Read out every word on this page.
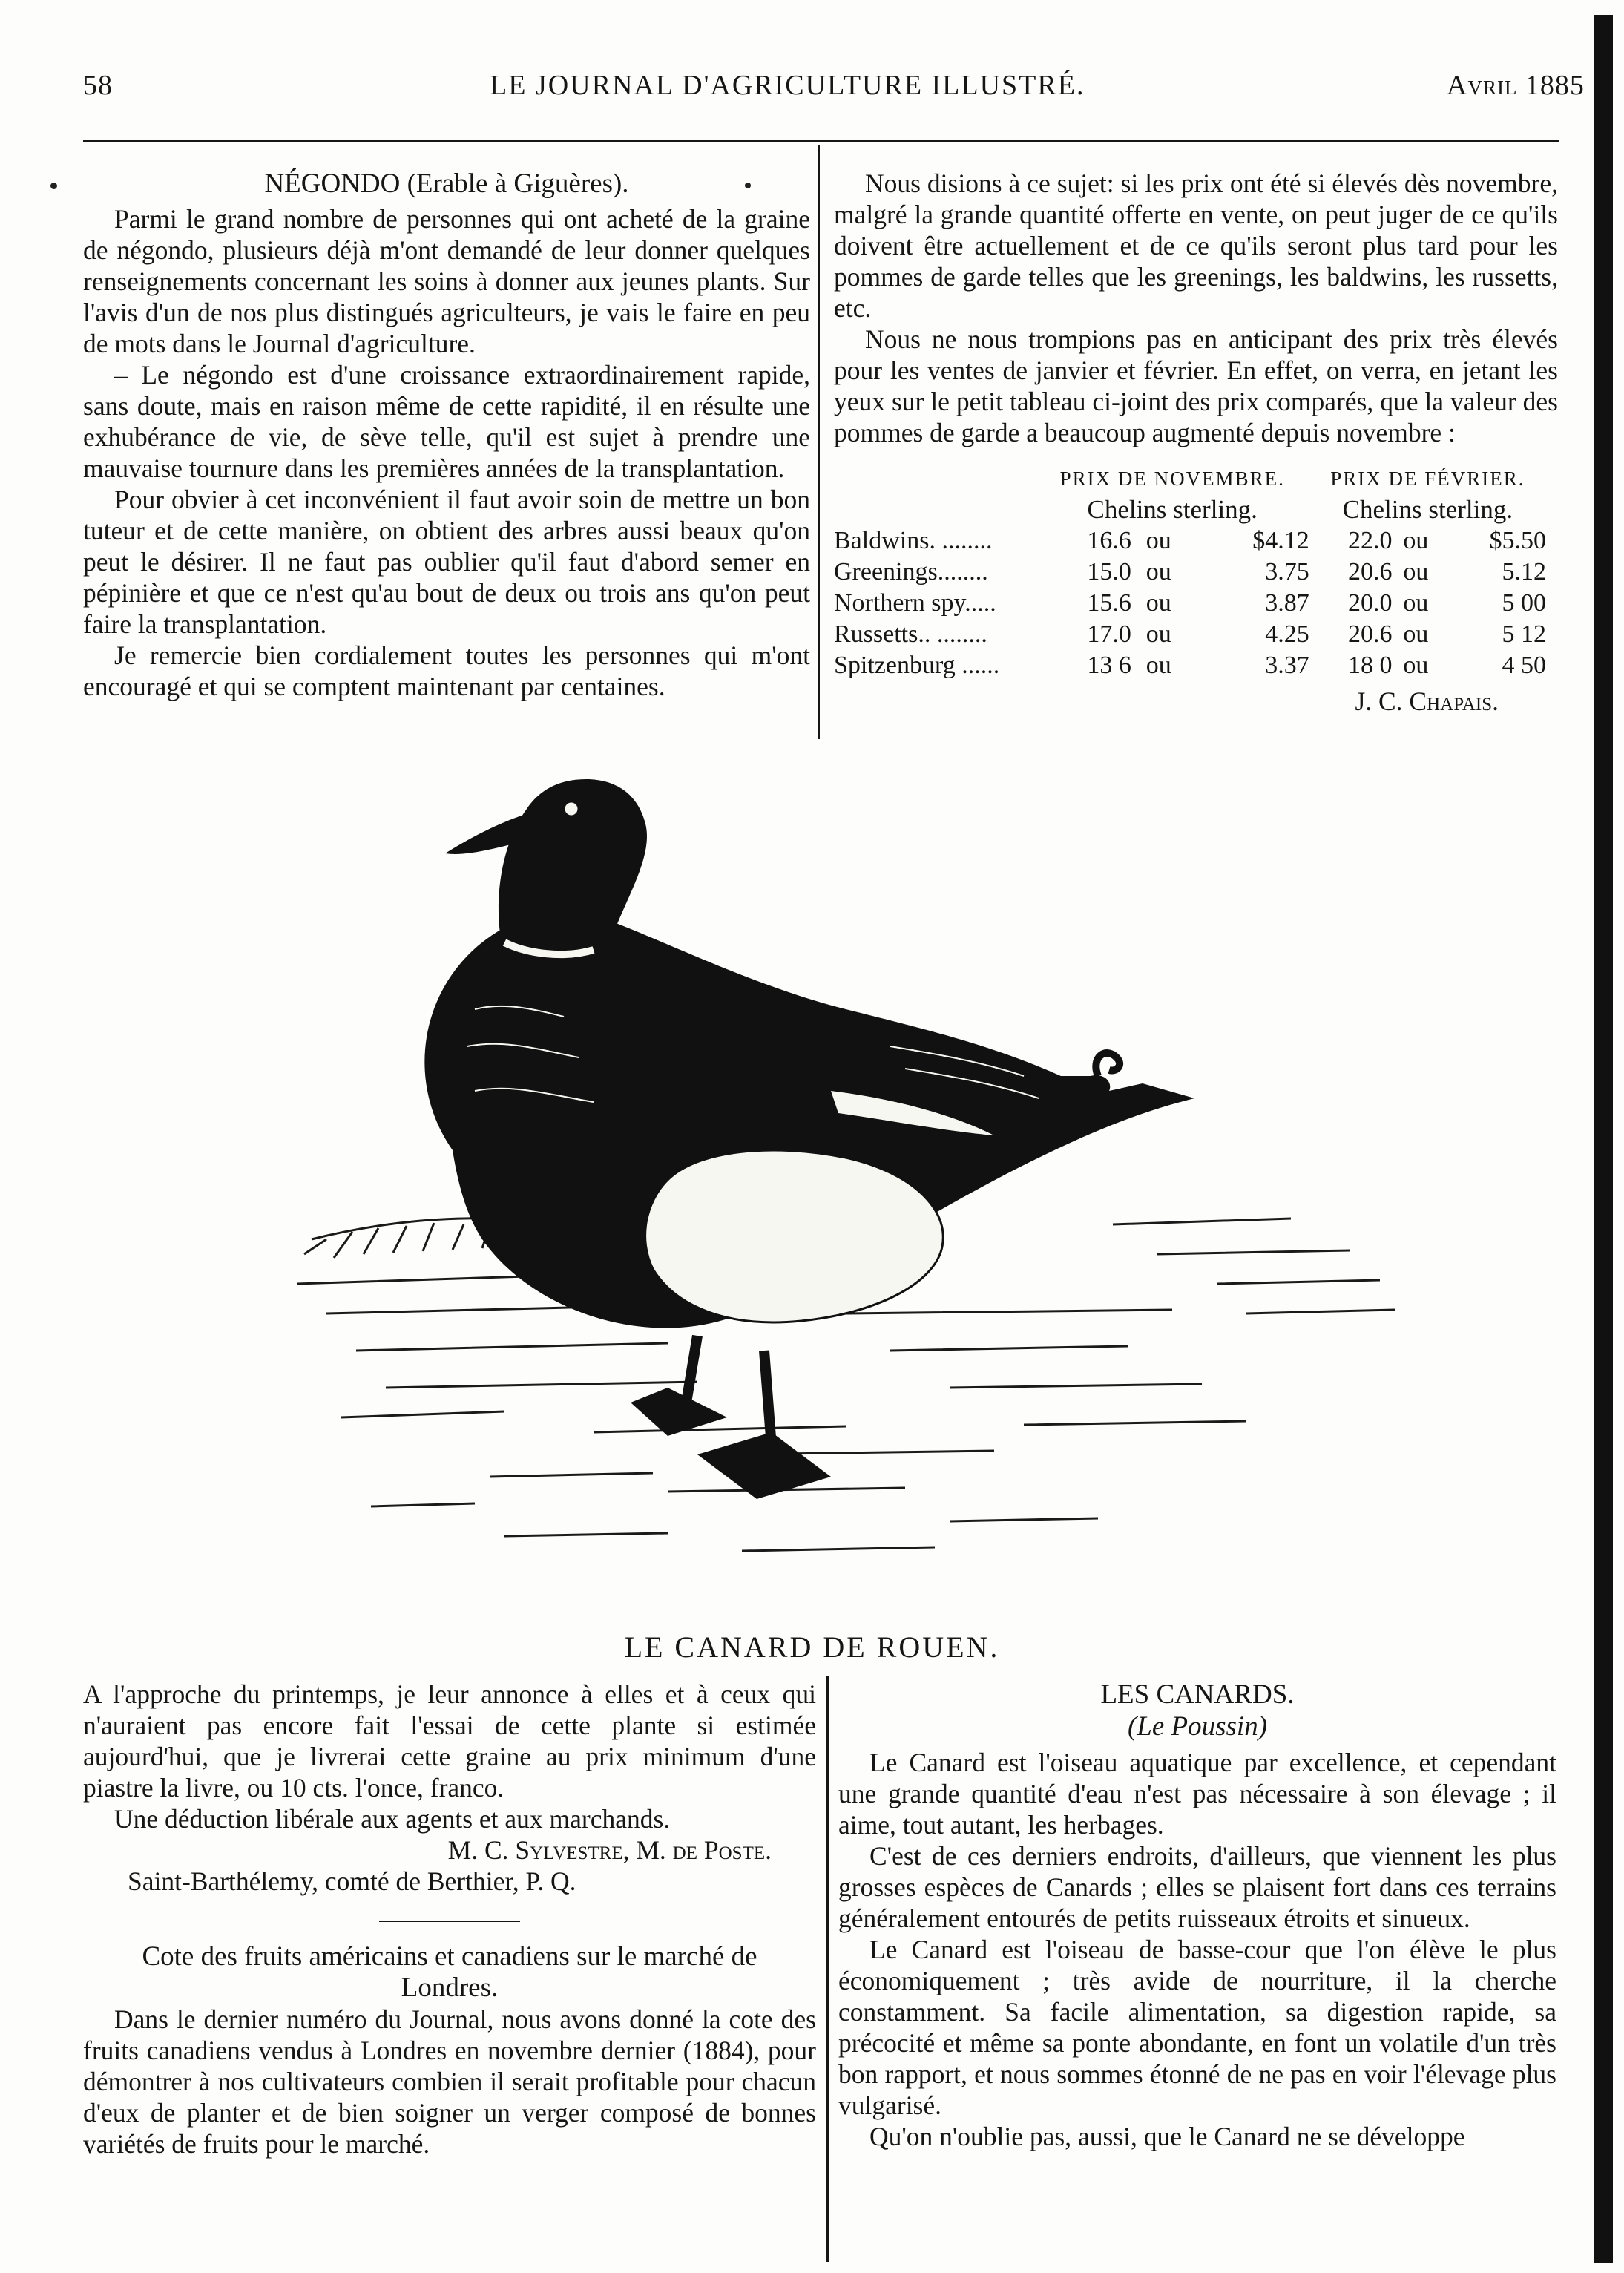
58	LE JOURNAL D'AGRICULTURE ILLUSTRÉ.	Avril 1885
NÉGONDO (Erable à Giguères).

Parmi le grand nombre de personnes qui ont acheté de la graine de négondo, plusieurs déjà m'ont demandé de leur donner quelques renseignements concernant les soins à donner aux jeunes plants. Sur l'avis d'un de nos plus distingués agriculteurs, je vais le faire en peu de mots dans le Journal d'agriculture.

– Le négondo est d'une croissance extraordinairement rapide, sans doute, mais en raison même de cette rapidité, il en résulte une exhubérance de vie, de sève telle, qu'il est sujet à prendre une mauvaise tournure dans les premières années de la transplantation.

Pour obvier à cet inconvénient il faut avoir soin de mettre un bon tuteur et de cette manière, on obtient des arbres aussi beaux qu'on peut le désirer. Il ne faut pas oublier qu'il faut d'abord semer en pépinière et que ce n'est qu'au bout de deux ou trois ans qu'on peut faire la transplantation.

Je remercie bien cordialement toutes les personnes qui m'ont encouragé et qui se comptent maintenant par centaines.

Nous disions à ce sujet: si les prix ont été si élevés dès novembre, malgré la grande quantité offerte en vente, on peut juger de ce qu'ils doivent être actuellement et de ce qu'ils seront plus tard pour les pommes de garde telles que les greenings, les baldwins, les russetts, etc.

Nous ne nous trompions pas en anticipant des prix très élevés pour les ventes de janvier et février. En effet, on verra, en jetant les yeux sur le petit tableau ci-joint des prix comparés, que la valeur des pommes de garde a beaucoup augmenté depuis novembre :

	PRIX DE NOVEMBRE.			PRIX DE FÉVRIER.		
	Chelins sterling.			Chelins sterling.		
Baldwins. ........	16.6	ou	$4.12	22.0	ou	$5.50
Greenings........	15.0	ou	3.75	20.6	ou	5.12
Northern spy.....	15.6	ou	3.87	20.0	ou	5 00
Russetts.. ........	17.0	ou	4.25	20.6	ou	5 12
Spitzenburg ......	13 6	ou	3.37	18 0	ou	4 50
J. C. Chapais.
LE CANARD DE ROUEN.

A l'approche du printemps, je leur annonce à elles et à ceux qui n'auraient pas encore fait l'essai de cette plante si estimée aujourd'hui, que je livrerai cette graine au prix minimum d'une piastre la livre, ou 10 cts. l'once, franco.

Une déduction libérale aux agents et aux marchands.

M. C. Sylvestre, M. de Poste.
Saint-Barthélemy, comté de Berthier, P. Q.
Cote des fruits américains et canadiens sur le marché de Londres.

Dans le dernier numéro du Journal, nous avons donné la cote des fruits canadiens vendus à Londres en novembre dernier (1884), pour démontrer à nos cultivateurs combien il serait profitable pour chacun d'eux de planter et de bien soigner un verger composé de bonnes variétés de fruits pour le marché.

LES CANARDS.
(Le Poussin)

Le Canard est l'oiseau aquatique par excellence, et cependant une grande quantité d'eau n'est pas nécessaire à son élevage ; il aime, tout autant, les herbages.

C'est de ces derniers endroits, d'ailleurs, que viennent les plus grosses espèces de Canards ; elles se plaisent fort dans ces terrains généralement entourés de petits ruisseaux étroits et sinueux.

Le Canard est l'oiseau de basse-cour que l'on élève le plus économiquement ; très avide de nourriture, il la cherche constamment. Sa facile alimentation, sa digestion rapide, sa précocité et même sa ponte abondante, en font un volatile d'un très bon rapport, et nous sommes étonné de ne pas en voir l'élevage plus vulgarisé.

Qu'on n'oublie pas, aussi, que le Canard ne se développe
